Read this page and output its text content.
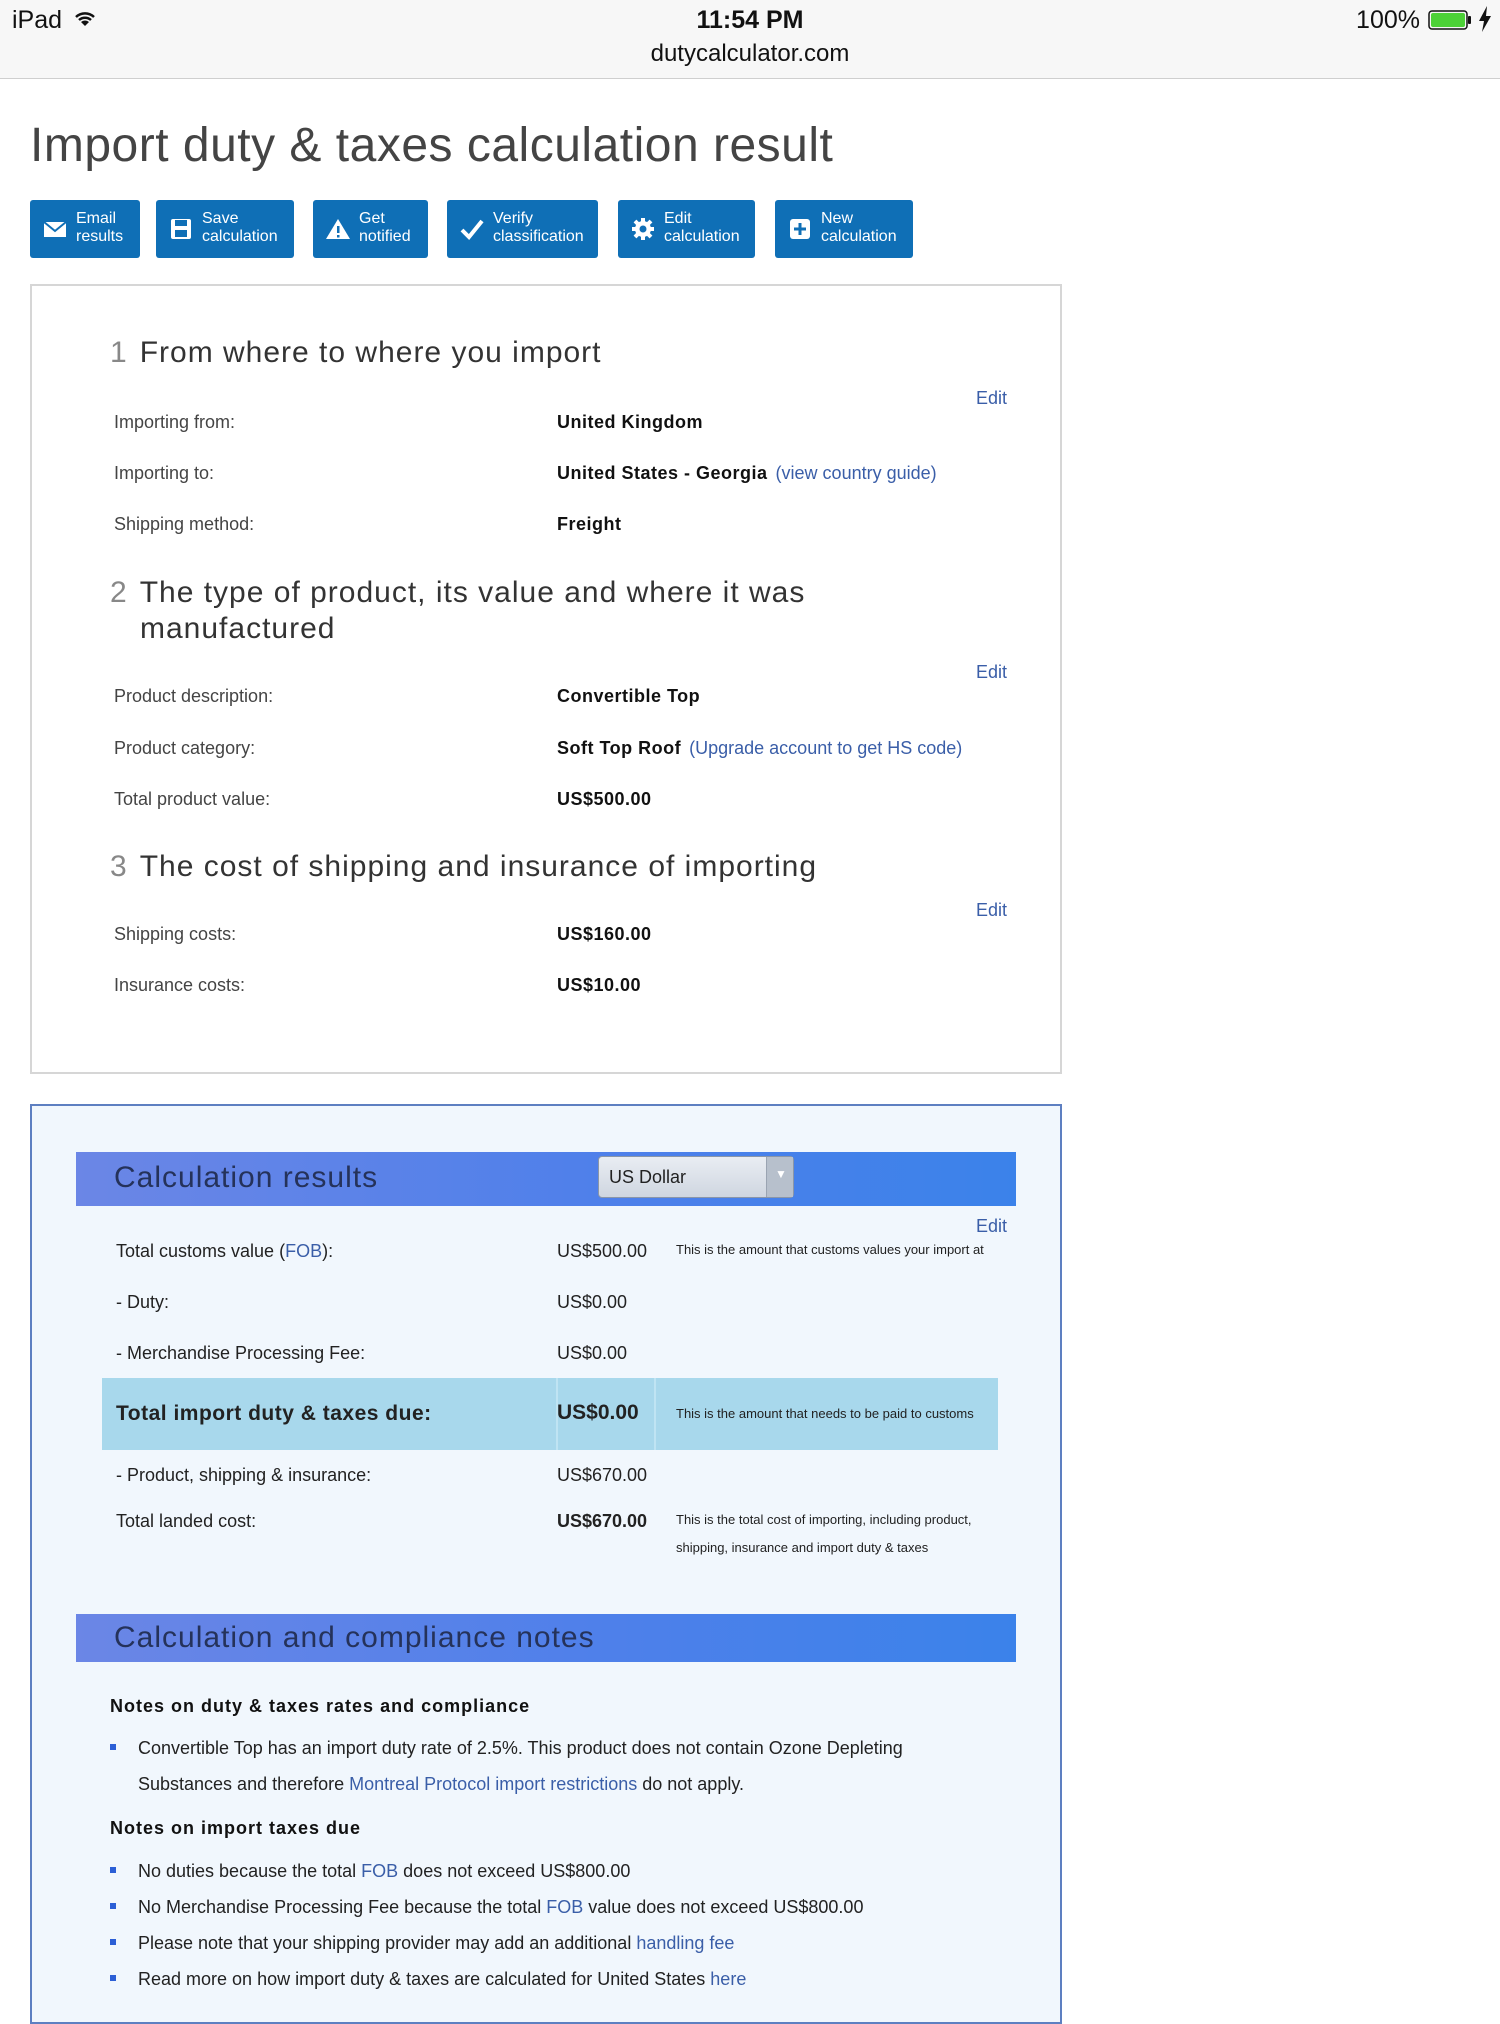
iPad	11:54 PM
dutycalculator.com
100%
Import duty & taxes calculation result
Email
results
Save
calculation
Get
notified
Verify
classification
Edit
calculation
New
calculation
1 From where to where you import
Edit
Importing from:	United Kingdom
Importing to:	United States - Georgia (view country guide)
Shipping method:	Freight
2 The type of product, its value and where it was
manufactured
Edit
Product description:	Convertible Top
Product category:	Soft Top Roof (Upgrade account to get HS code)
Total product value:	US$500.00
3 The cost of shipping and insurance of importing
Edit
Shipping costs:	US$160.00
Insurance costs:	US$10.00
Calculation results	US Dollar	▼
Edit
Total customs value (FOB):	US$500.00 This is the amount that customs values your import at
- Duty:	US$0.00
- Merchandise Processing Fee:	US$0.00
Total import duty & taxes due:	US$0.00	This is the amount that needs to be paid to customs
- Product, shipping & insurance:	US$670.00
Total landed cost:	US$670.00 This is the total cost of importing, including product, shipping, insurance and import duty & taxes
Calculation and compliance notes
Notes on duty & taxes rates and compliance
Convertible Top has an import duty rate of 2.5%. This product does not contain Ozone Depleting Substances and therefore Montreal Protocol import restrictions do not apply.
Notes on import taxes due
No duties because the total FOB does not exceed US$800.00
No Merchandise Processing Fee because the total FOB value does not exceed US$800.00
Please note that your shipping provider may add an additional handling fee
Read more on how import duty & taxes are calculated for United States here
